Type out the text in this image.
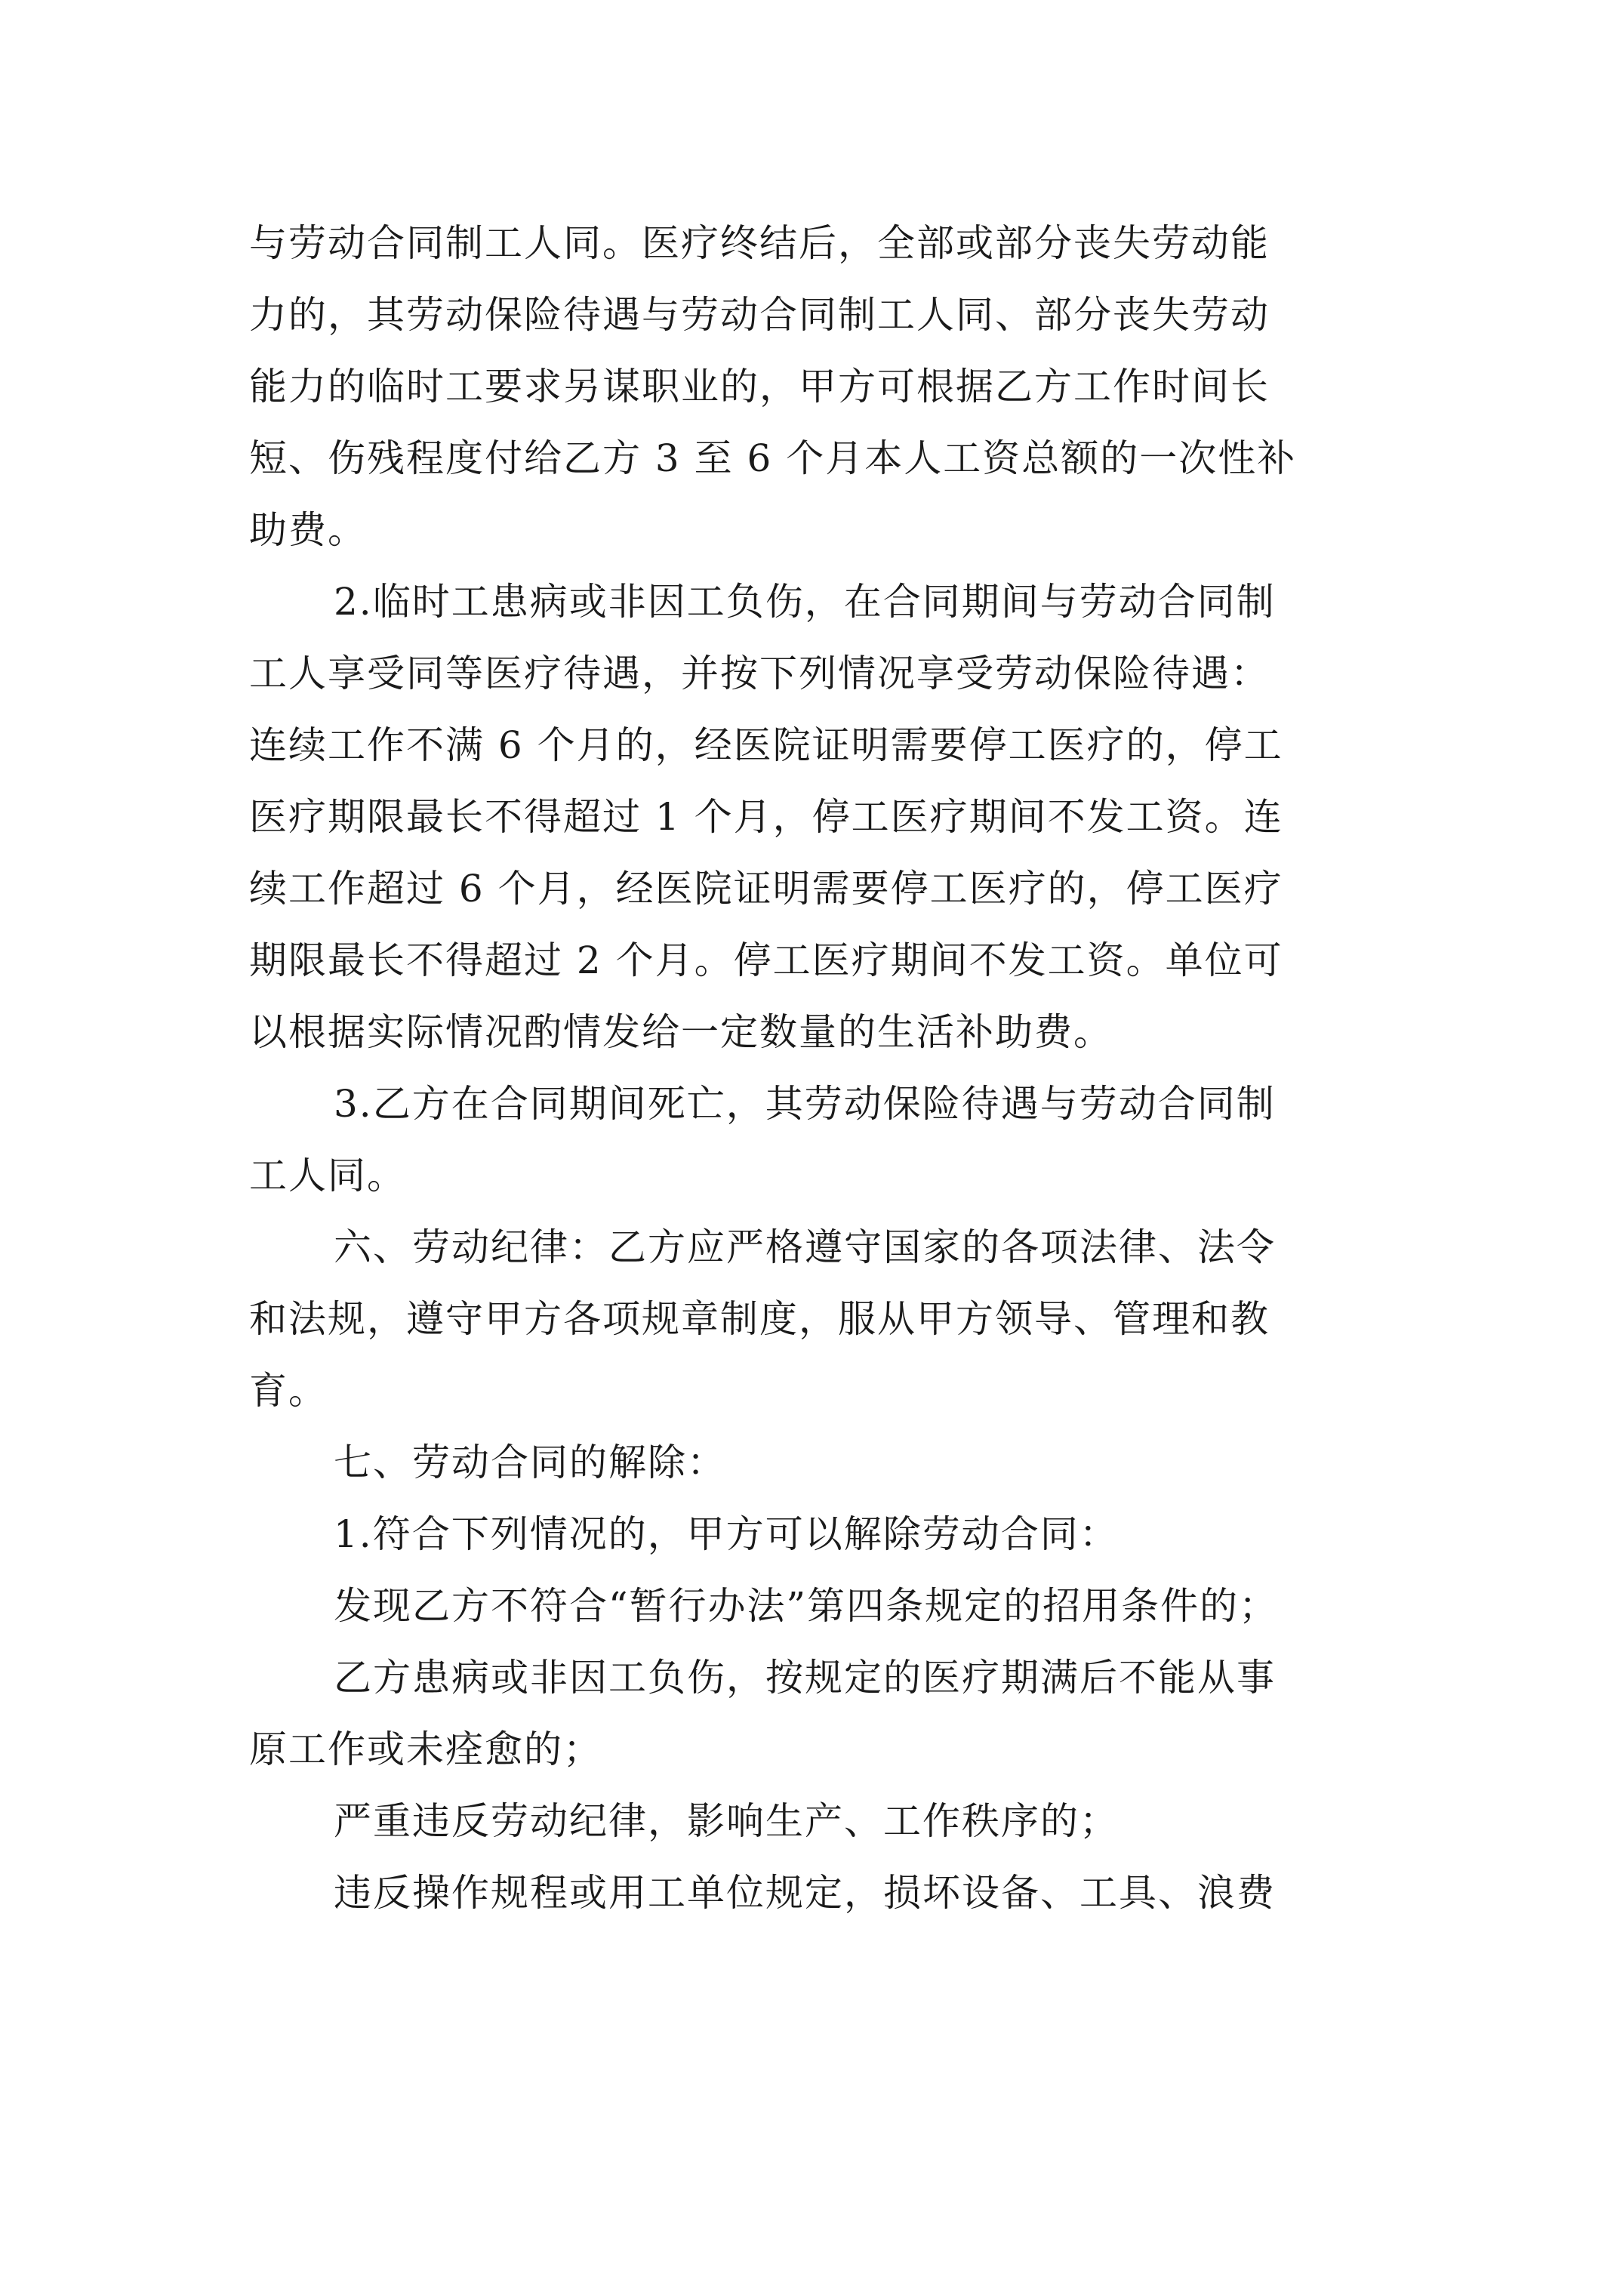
与劳动合同制工人同。医疗终结后，全部或部分丧失劳动能
力的，其劳动保险待遇与劳动合同制工人同、部分丧失劳动
能力的临时工要求另谋职业的，甲方可根据乙方工作时间长
短、伤残程度付给乙方 3 至 6 个月本人工资总额的一次性补
助费。
2.临时工患病或非因工负伤，在合同期间与劳动合同制
工人享受同等医疗待遇，并按下列情况享受劳动保险待遇：
连续工作不满 6 个月的，经医院证明需要停工医疗的，停工
医疗期限最长不得超过 1 个月，停工医疗期间不发工资。连
续工作超过 6 个月，经医院证明需要停工医疗的，停工医疗
期限最长不得超过 2 个月。停工医疗期间不发工资。单位可
以根据实际情况酌情发给一定数量的生活补助费。
3.乙方在合同期间死亡，其劳动保险待遇与劳动合同制
工人同。
六、劳动纪律：乙方应严格遵守国家的各项法律、法令
和法规，遵守甲方各项规章制度，服从甲方领导、管理和教
育。
七、劳动合同的解除：
1.符合下列情况的，甲方可以解除劳动合同：
发现乙方不符合“暂行办法”第四条规定的招用条件的；
乙方患病或非因工负伤，按规定的医疗期满后不能从事
原工作或未痊愈的；
严重违反劳动纪律，影响生产、工作秩序的；
违反操作规程或用工单位规定，损坏设备、工具、浪费
